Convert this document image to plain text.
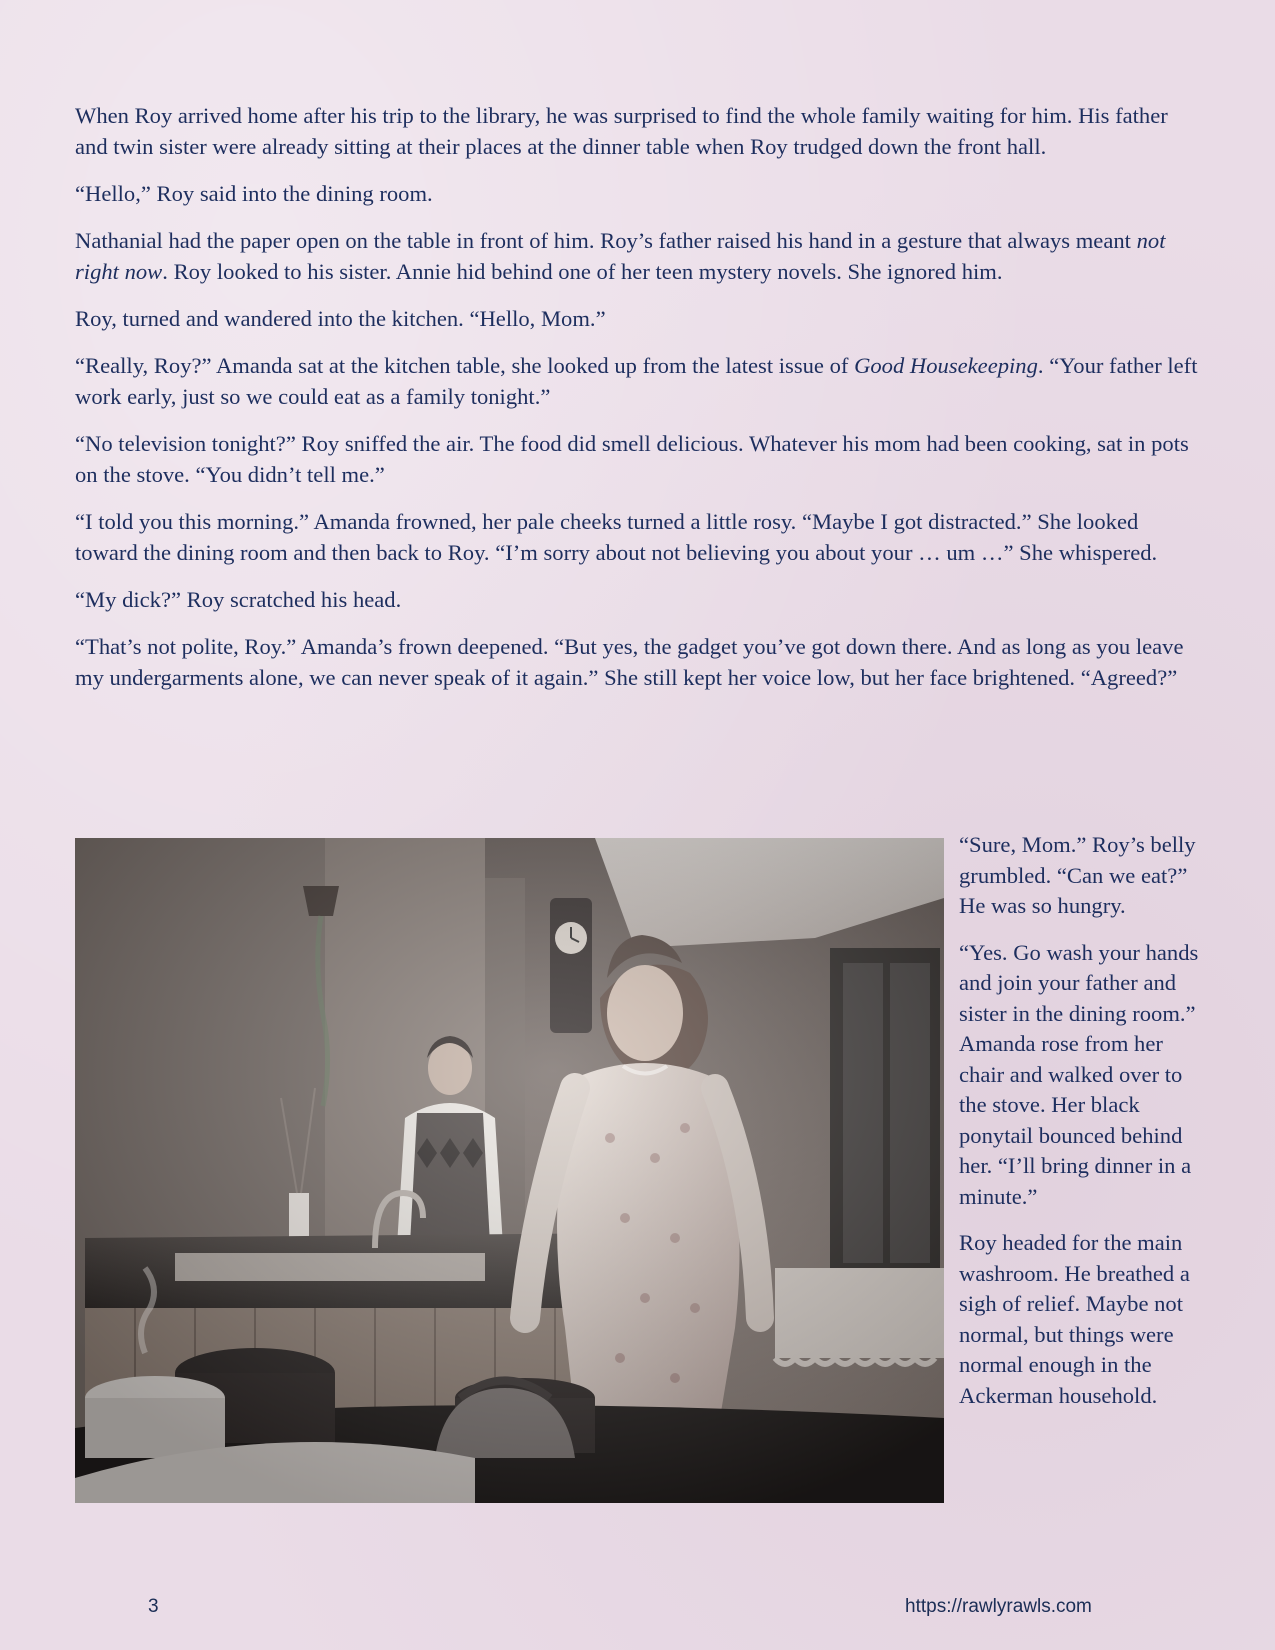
When Roy arrived home after his trip to the library, he was surprised to find the whole family waiting for him. His father and twin sister were already sitting at their places at the dinner table when Roy trudged down the front hall.

“Hello,” Roy said into the dining room.

Nathanial had the paper open on the table in front of him. Roy’s father raised his hand in a gesture that always meant not right now. Roy looked to his sister. Annie hid behind one of her teen mystery novels. She ignored him.

Roy, turned and wandered into the kitchen. “Hello, Mom.”

“Really, Roy?” Amanda sat at the kitchen table, she looked up from the latest issue of Good Housekeeping. “Your father left work early, just so we could eat as a family tonight.”

“No television tonight?” Roy sniffed the air. The food did smell delicious. Whatever his mom had been cooking, sat in pots on the stove. “You didn’t tell me.”

“I told you this morning.” Amanda frowned, her pale cheeks turned a little rosy. “Maybe I got distracted.” She looked toward the dining room and then back to Roy. “I’m sorry about not believing you about your … um …” She whispered.

“My dick?” Roy scratched his head.

“That’s not polite, Roy.” Amanda’s frown deepened. “But yes, the gadget you’ve got down there. And as long as you leave my undergarments alone, we can never speak of it again.” She still kept her voice low, but her face brightened. “Agreed?”

“Sure, Mom.” Roy’s belly grumbled. “Can we eat?” He was so hungry.

“Yes. Go wash your hands and join your father and sister in the dining room.” Amanda rose from her chair and walked over to the stove. Her black ponytail bounced behind her. “I’ll bring dinner in a minute.”

Roy headed for the main washroom. He breathed a sigh of relief. Maybe not normal, but things were normal enough in the Ackerman household.

3	https://rawlyrawls.com
